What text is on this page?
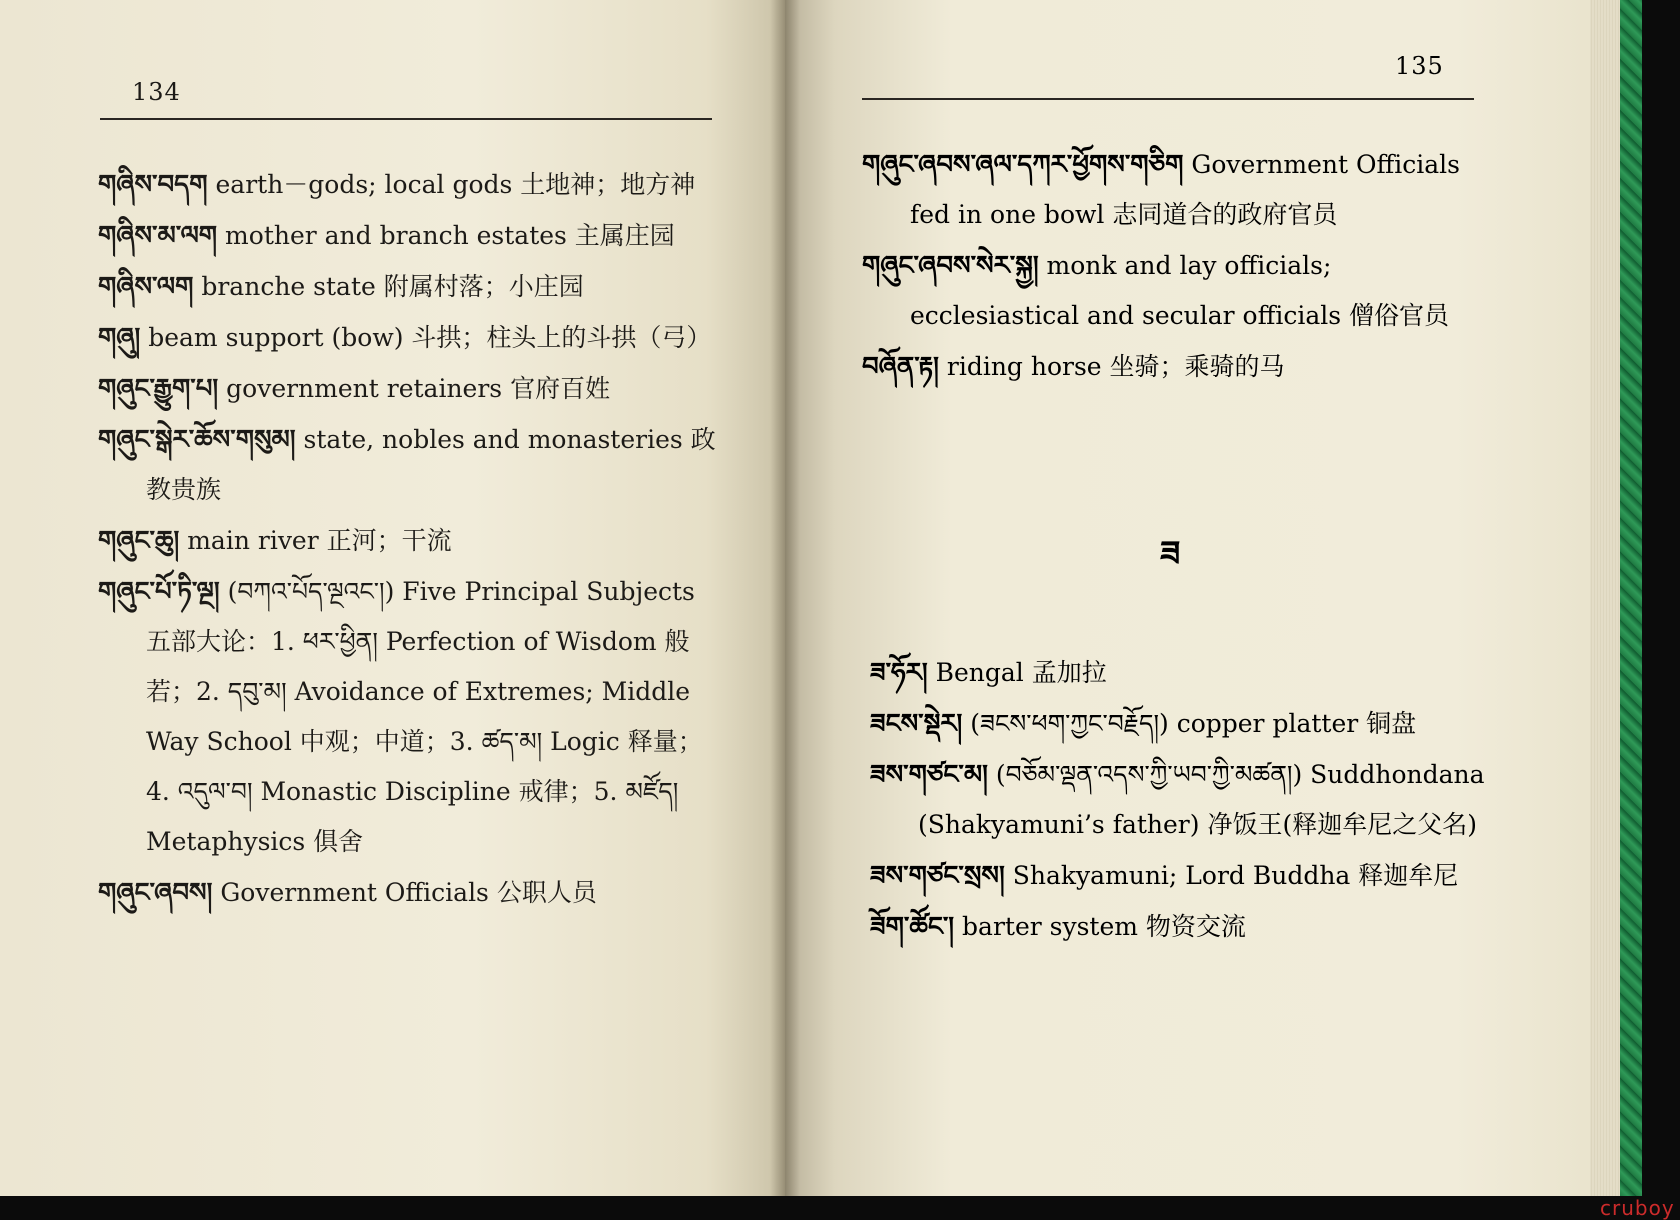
134
གཞིས་བདག earth－gods; local gods 土地神；地方神
གཞིས་མ་ལག mother and branch estates 主属庄园
གཞིས་ལག branche state 附属村落；小庄园
གཞུ། beam support (bow) 斗拱；柱头上的斗拱（弓）
གཞུང་རྒྱུག་པ། government retainers 官府百姓
གཞུང་སྒེར་ཆོས་གསུམ། state, nobles and monasteries 政教贵族
གཞུང་ཆུ། main river 正河；干流
གཞུང་པོ་ཏི་ལྔ། (བཀའ་པོད་ལྔའང་།) Five Principal Subjects 五部大论：1. ཕར་ཕྱིན། Perfection of Wisdom 般若；2. དབུ་མ། Avoidance of Extremes; Middle Way School 中观；中道；3. ཚད་མ། Logic 释量；4. འདུལ་བ། Monastic Discipline 戒律；5. མཛོད། Metaphysics 俱舍
གཞུང་ཞབས། Government Officials 公职人员
135
གཞུང་ཞབས་ཞལ་དཀར་ཕྱོགས་གཅིག Government Officials fed in one bowl 志同道合的政府官员
གཞུང་ཞབས་སེར་སྐྱ། monk and lay officials; ecclesiastical and secular officials 僧俗官员
བཞོན་རྟ། riding horse 坐骑；乘骑的马
ཟ
ཟ་ཧོར། Bengal 孟加拉
ཟངས་སྡེར། (ཟངས་ཕག་ཀྱང་བརྗོད།) copper platter 铜盘
ཟས་གཙང་མ། (བཅོམ་ལྡན་འདས་ཀྱི་ཡབ་ཀྱི་མཚན།) Suddhondana (Shakyamuni’s father) 净饭王(释迦牟尼之父名)
ཟས་གཙང་སྲས། Shakyamuni; Lord Buddha 释迦牟尼
ཟོག་ཚོང་། barter system 物资交流
cruboy
